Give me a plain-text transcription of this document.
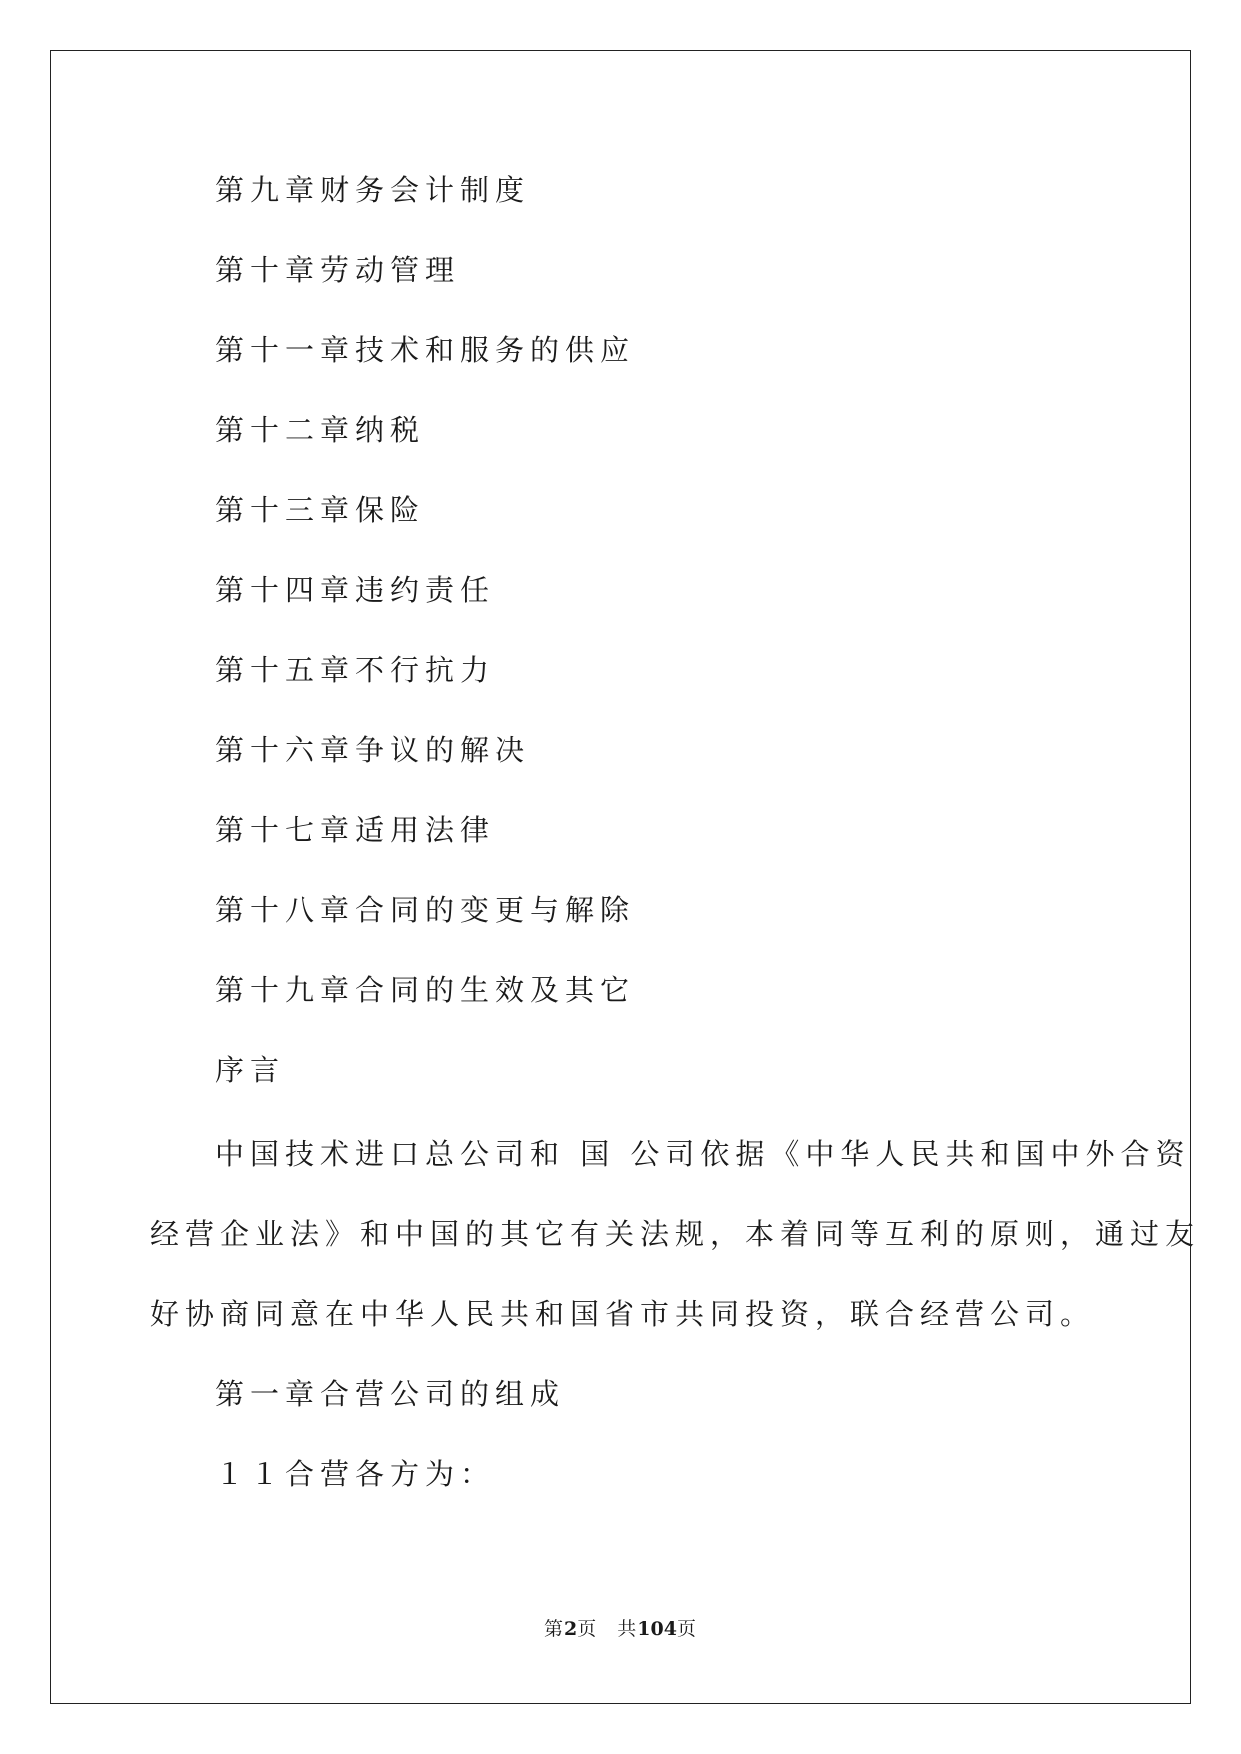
第九章财务会计制度
第十章劳动管理
第十一章技术和服务的供应
第十二章纳税
第十三章保险
第十四章违约责任
第十五章不行抗力
第十六章争议的解决
第十七章适用法律
第十八章合同的变更与解除
第十九章合同的生效及其它
序言
中国技术进口总公司和 国 公司依据《中华人民共和国中外合资
经营企业法》和中国的其它有关法规，本着同等互利的原则，通过友
好协商同意在中华人民共和国省市共同投资，联合经营公司。
第一章合营公司的组成
１１合营各方为：
第2页　共104页
